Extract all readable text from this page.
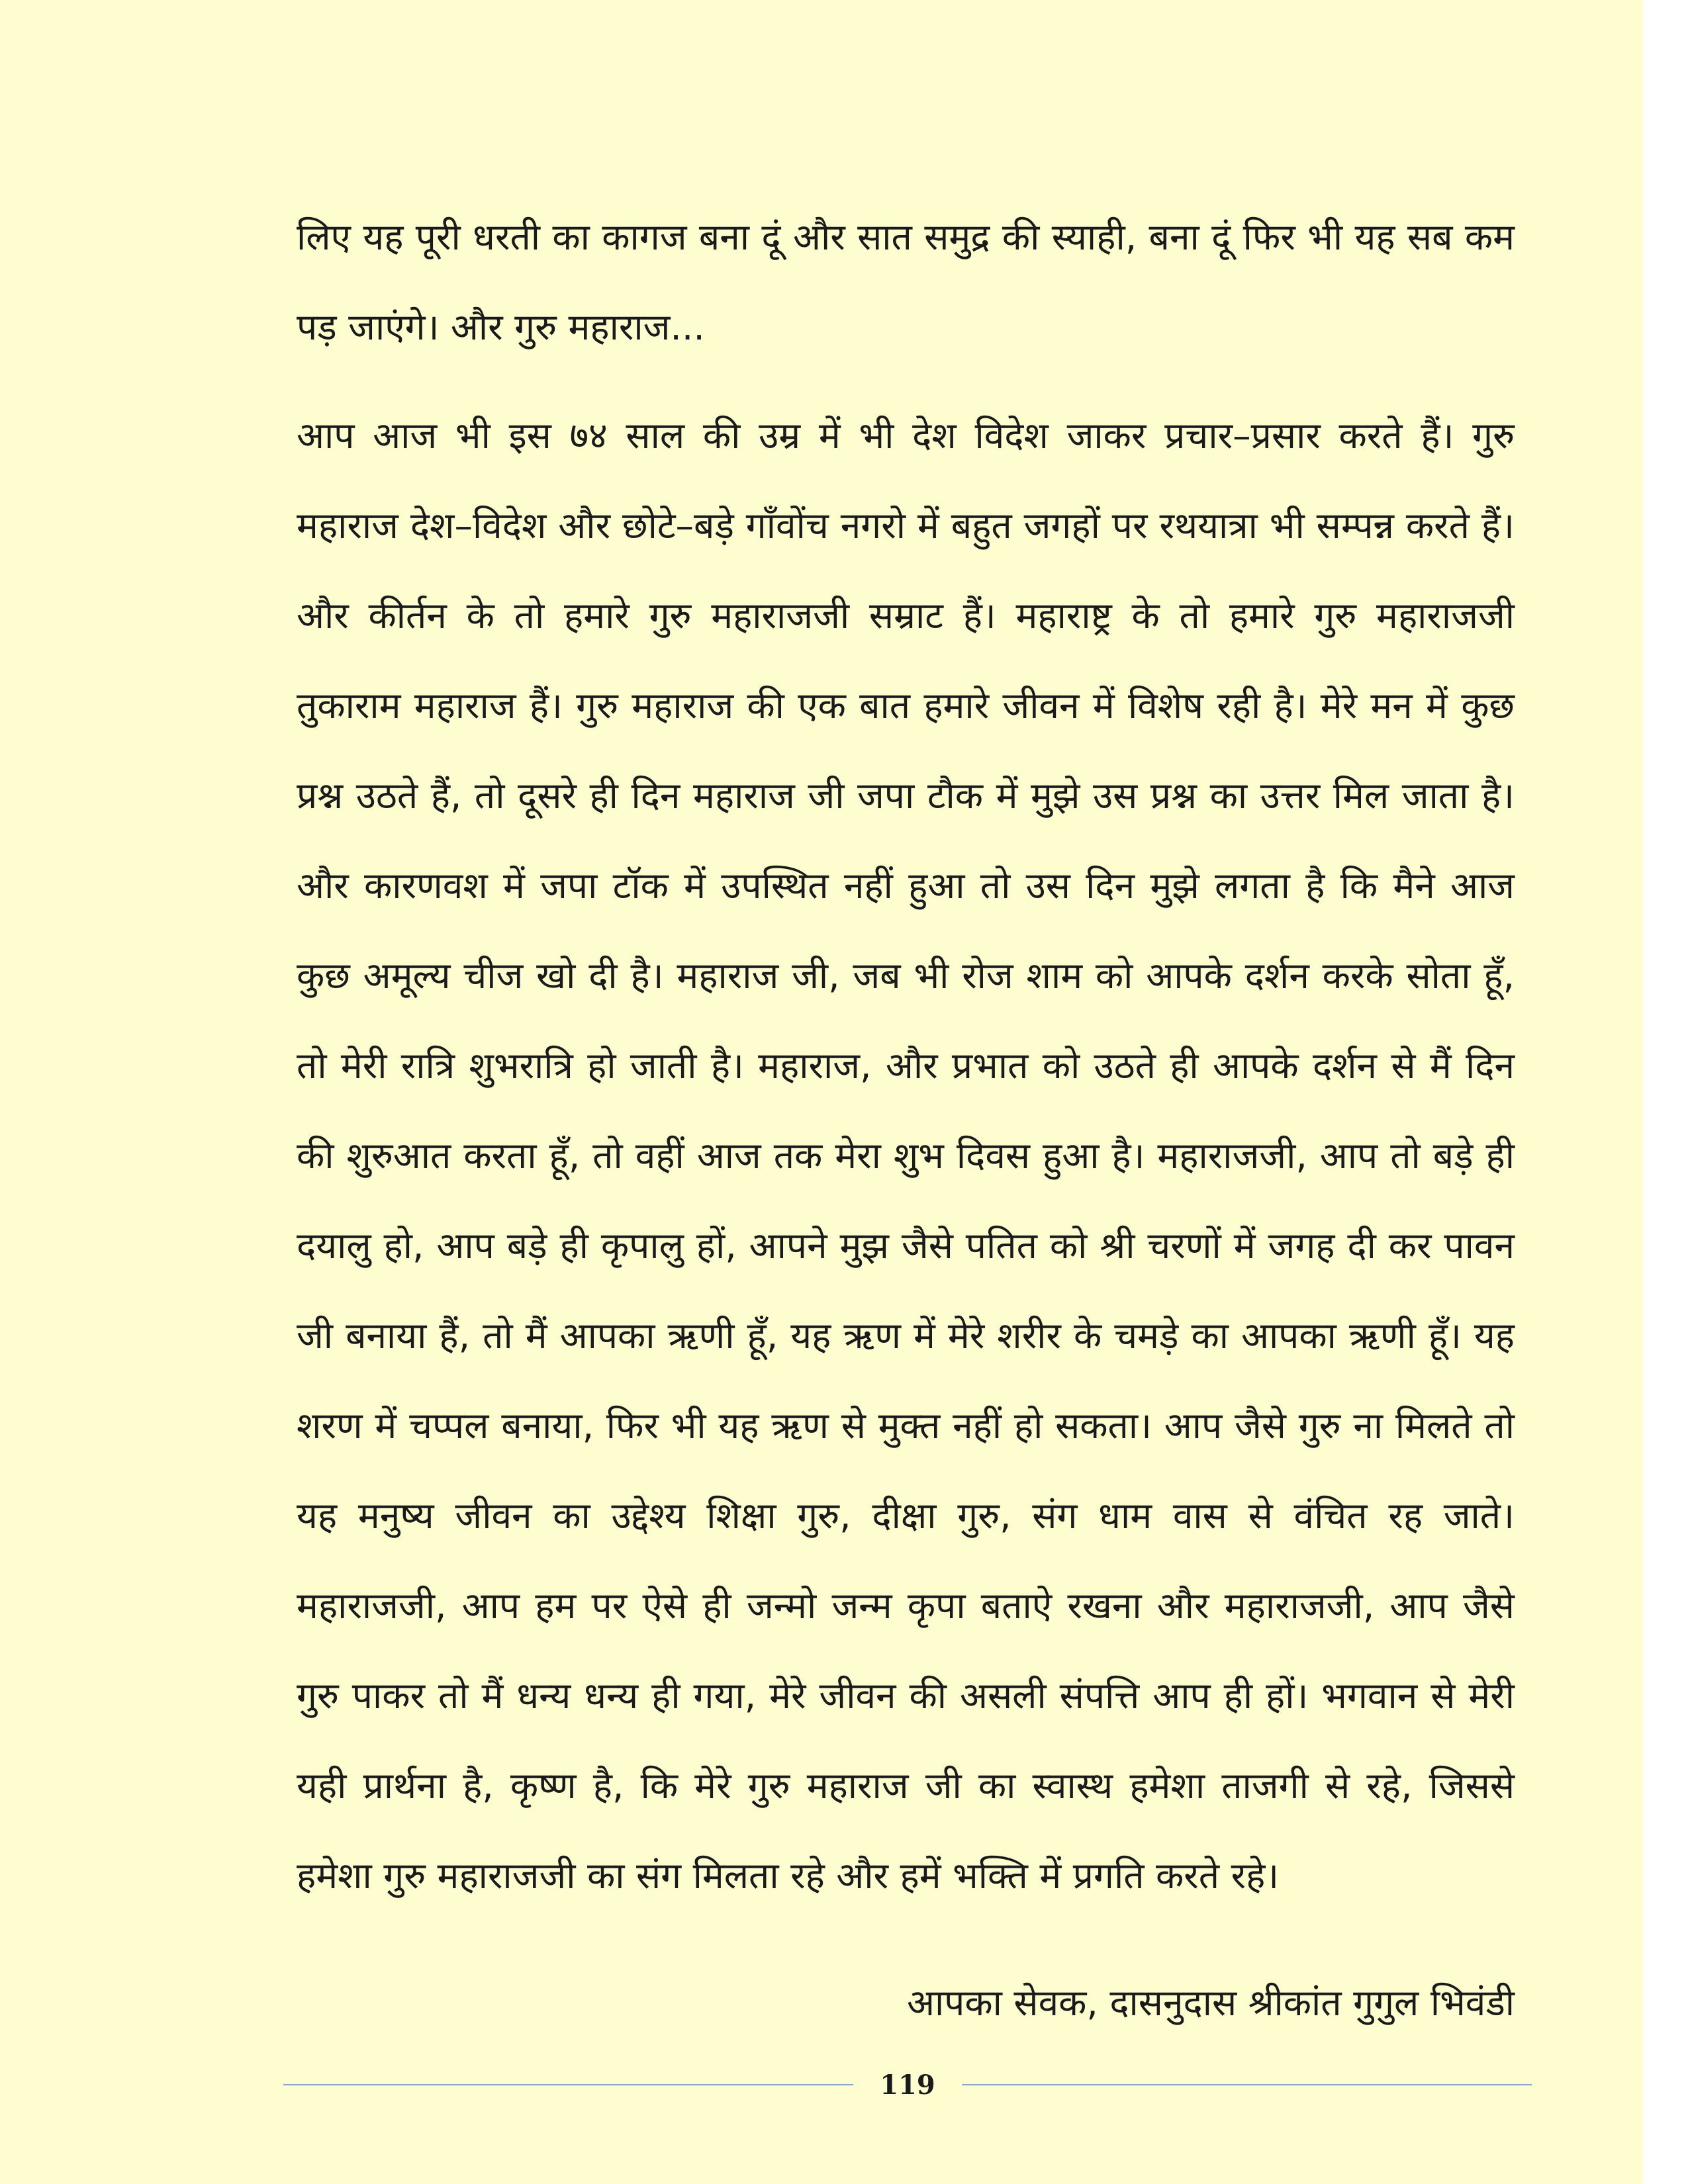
लिए यह पूरी धरती का कागज बना दूं और सात समुद्र की स्याही, बना दूं फिर भी यह सब कम पड़ जाएंगे। और गुरु महाराज...

आप आज भी इस ७४ साल की उम्र में भी देश विदेश जाकर प्रचार–प्रसार करते हैं। गुरु महाराज देश–विदेश और छोटे–बड़े गाँवोंच नगरो में बहुत जगहों पर रथयात्रा भी सम्पन्न करते हैं। और कीर्तन के तो हमारे गुरु महाराजजी सम्राट हैं। महाराष्ट्र के तो हमारे गुरु महाराजजी तुकाराम महाराज हैं। गुरु महाराज की एक बात हमारे जीवन में विशेष रही है। मेरे मन में कुछ प्रश्न उठते हैं, तो दूसरे ही दिन महाराज जी जपा टौक में मुझे उस प्रश्न का उत्तर मिल जाता है। और कारणवश में जपा टॉक में उपस्थित नहीं हुआ तो उस दिन मुझे लगता है कि मैने आज कुछ अमूल्य चीज खो दी है। महाराज जी, जब भी रोज शाम को आपके दर्शन करके सोता हूँ, तो मेरी रात्रि शुभरात्रि हो जाती है। महाराज, और प्रभात को उठते ही आपके दर्शन से मैं दिन की शुरुआत करता हूँ, तो वहीं आज तक मेरा शुभ दिवस हुआ है। महाराजजी, आप तो बड़े ही दयालु हो, आप बड़े ही कृपालु हों, आपने मुझ जैसे पतित को श्री चरणों में जगह दी कर पावन जी बनाया हैं, तो मैं आपका ऋणी हूँ, यह ऋण में मेरे शरीर के चमड़े का आपका ऋणी हूँ। यह शरण में चप्पल बनाया, फिर भी यह ऋण से मुक्त नहीं हो सकता। आप जैसे गुरु ना मिलते तो यह मनुष्य जीवन का उद्देश्य शिक्षा गुरु, दीक्षा गुरु, संग धाम वास से वंचित रह जाते। महाराजजी, आप हम पर ऐसे ही जन्मो जन्म कृपा बताऐ रखना और महाराजजी, आप जैसे गुरु पाकर तो मैं धन्य धन्य ही गया, मेरे जीवन की असली संपत्ति आप ही हों। भगवान से मेरी यही प्रार्थना है, कृष्ण है, कि मेरे गुरु महाराज जी का स्वास्थ हमेशा ताजगी से रहे, जिससे हमेशा गुरु महाराजजी का संग मिलता रहे और हमें भक्ति में प्रगति करते रहे।

आपका सेवक, दासनुदास श्रीकांत गुगुल भिवंडी
119
